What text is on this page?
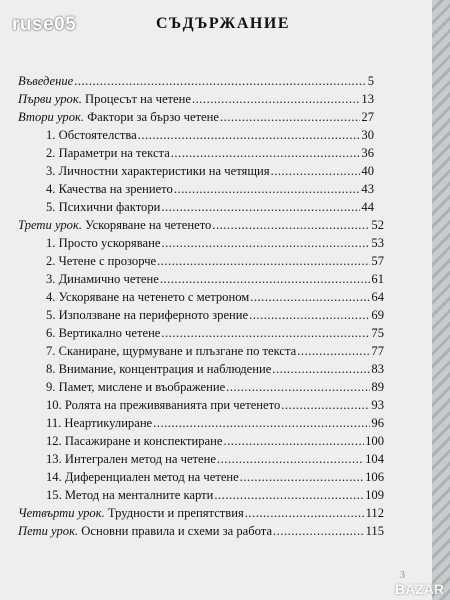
ruse05	СЪДЪРЖАНИЕ
Въведение .....	5
Първи урок. Процесът на четене .....	13
Втори урок. Фактори за бързо четене .....	27
1. Обстоятелства .....	30
2. Параметри на текста .....	36
3. Личностни характеристики на четящия .....	40
4. Качества на зрението .....	43
5. Психични фактори .....	44
Трети урок. Ускоряване на четенето .....	52
1. Просто ускоряване .....	53
2. Четене с прозорче .....	57
3. Динамично четене .....	61
4. Ускоряване на четенето с метроном .....	64
5. Използване на периферното зрение .....	69
6. Вертикално четене .....	75
7. Сканиране, щурмуване и плъзгане по текста .....	77
8. Внимание, концентрация и наблюдение .....	83
9. Памет, мислене и въображение .....	89
10. Ролята на преживяванията при четенето .....	93
11. Неартикулиране .....	96
12. Пасажиране и конспектиране .....	100
13. Интегрален метод на четене .....	104
14. Диференциален метод на четене .....	106
15. Метод на менталните карти .....	109
Четвърти урок. Трудности и препятствия .....	112
Пети урок. Основни правила и схеми за работа .....	115
3
BAZAR
